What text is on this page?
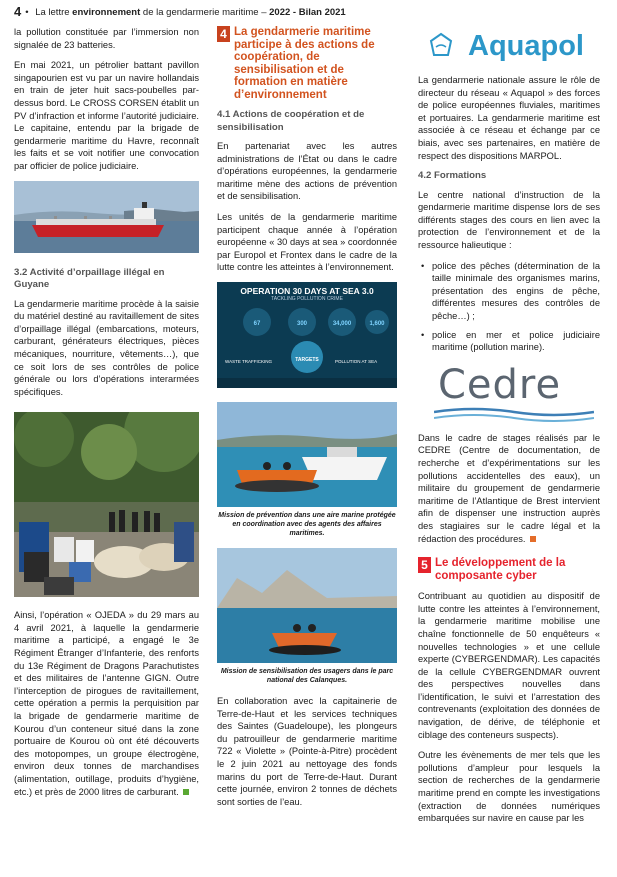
4 • La lettre environnement de la gendarmerie maritime – 2022 - Bilan 2021

la pollution constituée par l’immersion non signalée de 23 batteries.

En mai 2021, un pétrolier battant pavillon singapourien est vu par un navire hollandais en train de jeter huit sacs-poubelles par-dessus bord. Le CROSS CORSEN établit un PV d’infraction et informe l’autorité judiciaire. Le capitaine, entendu par la brigade de gendarmerie maritime du Havre, reconnaît les faits et se voit notifier une convocation par officier de police judiciaire.

3.2 Activité d’orpaillage illégal en Guyane

La gendarmerie maritime procède à la saisie du matériel destiné au ravitaillement de sites d’orpaillage illégal (embarcations, moteurs, carburant, générateurs électriques, pièces mécaniques, nourriture, vêtements…), que ce soit lors de ses contrôles de police générale ou lors d’opérations interarmées spécifiques.

Ainsi, l’opération « OJEDA » du 29 mars au 4 avril 2021, à laquelle la gendarmerie maritime a participé, a engagé le 3e Régiment Étranger d’Infanterie, des renforts du 13e Régiment de Dragons Parachutistes et des militaires de l’antenne GIGN. Outre l’interception de pirogues de ravitaillement, cette opération a permis la perquisition par la brigade de gendarmerie maritime de Kourou d’un conteneur situé dans la zone portuaire de Kourou où ont été découverts des motopompes, un groupe électrogène, environ deux tonnes de marchandises (alimentation, outillage, produits d’hygiène, etc.) et près de 2000 litres de carburant.

4 La gendarmerie maritime participe à des actions de coopération, de sensibilisation et de formation en matière d’environnement
4.1 Actions de coopération et de sensibilisation

En partenariat avec les autres administrations de l’État ou dans le cadre d’opérations européennes, la gendarmerie maritime mène des actions de prévention et de sensibilisation.

Les unités de la gendarmerie maritime participent chaque année à l’opération européenne « 30 days at sea » coordonnée par Europol et Frontex dans le cadre de la lutte contre les atteintes à l’environnement.

OPERATION 30 DAYS AT SEA 3.0
TACKLING POLLUTION CRIME
67	300	34,000	1,600
TARGETS
WASTE TRAFFICKING	POLLUTION AT SEA
Mission de prévention dans une aire marine protégée en coordination avec des agents des affaires maritimes.
Mission de sensibilisation des usagers dans le parc national des Calanques.

En collaboration avec la capitainerie de Terre-de-Haut et les services techniques des Saintes (Guadeloupe), les plongeurs du patrouilleur de gendarmerie maritime 722 « Violette » (Pointe-à-Pitre) procèdent le 2 juin 2021 au nettoyage des fonds marins du port de Terre-de-Haut. Durant cette journée, environ 2 tonnes de déchets sont sorties de l’eau.

Aquapol

La gendarmerie nationale assure le rôle de directeur du réseau « Aquapol » des forces de police européennes fluviales, maritimes et portuaires. La gendarmerie maritime est associée à ce réseau et échange par ce biais, avec ses partenaires, en matière de respect des dispositions MARPOL.

4.2 Formations

Le centre national d’instruction de la gendarmerie maritime dispense lors de ses différents stages des cours en lien avec la protection de l’environnement et de la ressource halieutique :

• police des pêches (détermination de la taille minimale des organismes marins, présentation des engins de pêche, différentes mesures des contrôles de pêche…) ;
• police en mer et police judiciaire maritime (pollution marine).
Cedre

Dans le cadre de stages réalisés par le CEDRE (Centre de documentation, de recherche et d’expérimentations sur les pollutions accidentelles des eaux), un militaire du groupement de gendarmerie maritime de l’Atlantique de Brest intervient afin de dispenser une instruction auprès des stagiaires sur le cadre légal et la rédaction des procédures.

5 Le développement de la composante cyber

Contribuant au quotidien au dispositif de lutte contre les atteintes à l’environnement, la gendarmerie maritime mobilise une chaîne fonctionnelle de 50 enquêteurs « nouvelles technologies » et une cellule experte (CYBERGENDMAR). Les capacités de la cellule CYBERGENDMAR ouvrent des perspectives nouvelles dans l’identification, le suivi et l’arrestation des contrevenants (exploitation des données de navigation, de dérive, de téléphonie et ciblage des conteneurs suspects).

Outre les évènements de mer tels que les pollutions d’ampleur pour lesquels la section de recherches de la gendarmerie maritime prend en compte les investigations (extraction de données numériques embarquées sur navire en cause par les
